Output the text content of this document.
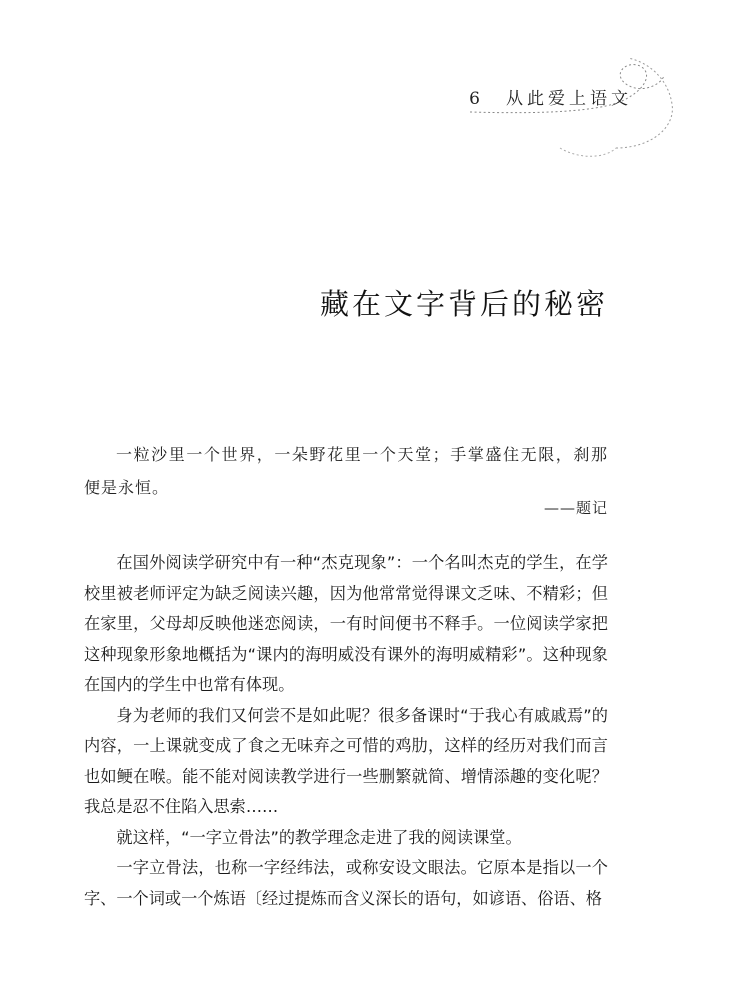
6 从此爱上语文
藏在文字背后的秘密

一粒沙里一个世界，一朵野花里一个天堂；手掌盛住无限，刹那便是永恒。

——题记

在国外阅读学研究中有一种“杰克现象”：一个名叫杰克的学生，在学校里被老师评定为缺乏阅读兴趣，因为他常常觉得课文乏味、不精彩；但在家里，父母却反映他迷恋阅读，一有时间便书不释手。一位阅读学家把这种现象形象地概括为“课内的海明威没有课外的海明威精彩”。这种现象在国内的学生中也常有体现。

身为老师的我们又何尝不是如此呢？很多备课时“于我心有戚戚焉”的内容，一上课就变成了食之无味弃之可惜的鸡肋，这样的经历对我们而言也如鲠在喉。能不能对阅读教学进行一些删繁就简、增情添趣的变化呢？我总是忍不住陷入思索……

就这样，“一字立骨法”的教学理念走进了我的阅读课堂。

一字立骨法，也称一字经纬法，或称安设文眼法。它原本是指以一个字、一个词或一个炼语〔经过提炼而含义深长的语句，如谚语、俗语、格
